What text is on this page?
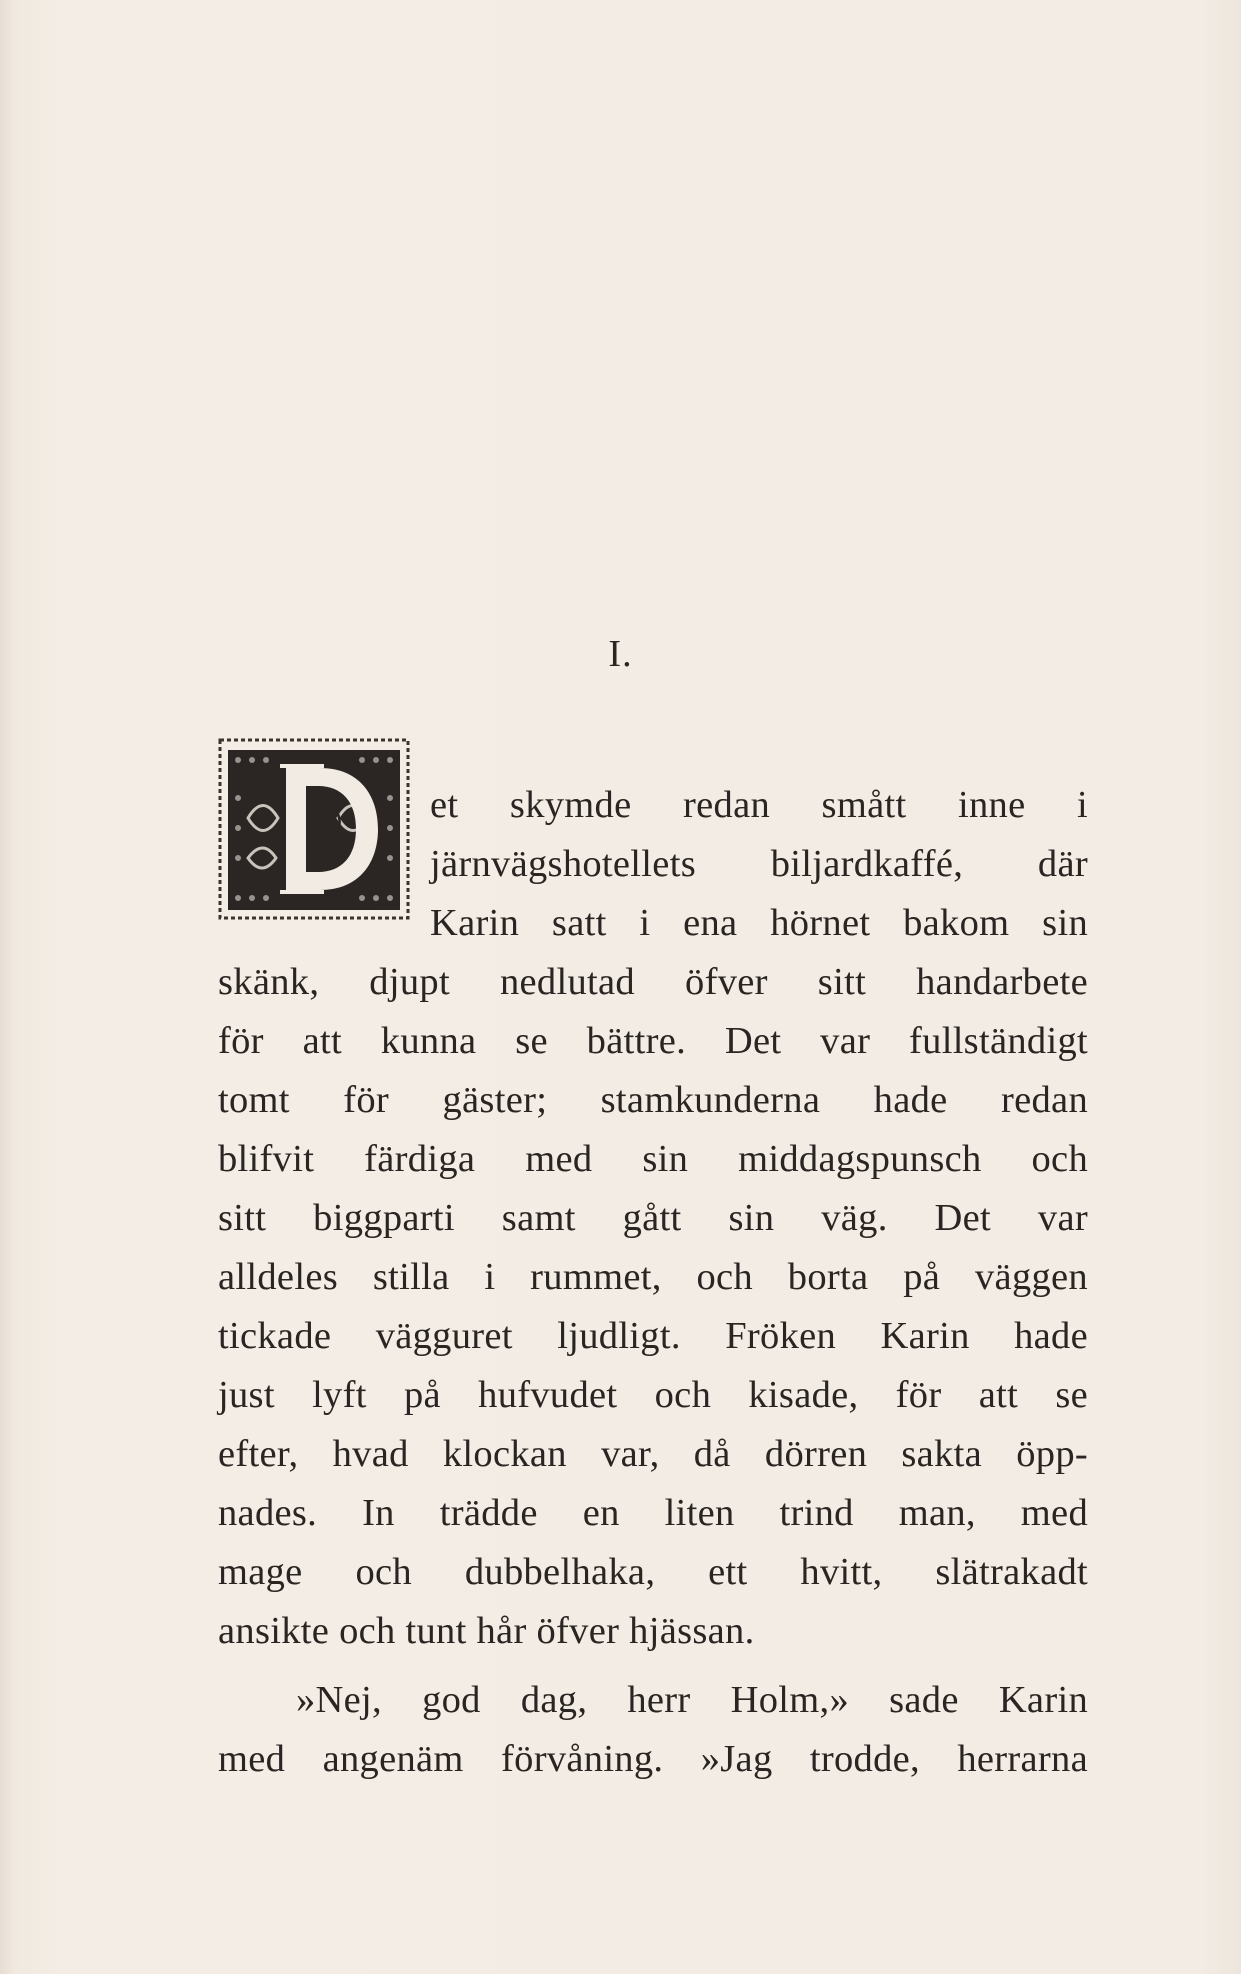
I.
et skymde redan smått inne i
järnvägshotellets biljardkaffé, där
Karin satt i ena hörnet bakom sin
skänk, djupt nedlutad öfver sitt handarbete
för att kunna se bättre. Det var fullständigt
tomt för gäster; stamkunderna hade redan
blifvit färdiga med sin middagspunsch och
sitt biggparti samt gått sin väg. Det var
alldeles stilla i rummet, och borta på väggen
tickade vägguret ljudligt. Fröken Karin hade
just lyft på hufvudet och kisade, för att se
efter, hvad klockan var, då dörren sakta öpp-
nades. In trädde en liten trind man, med
mage och dubbelhaka, ett hvitt, slätrakadt
ansikte och tunt hår öfver hjässan.
»Nej, god dag, herr Holm,» sade Karin
med angenäm förvåning. »Jag trodde, herrarna
